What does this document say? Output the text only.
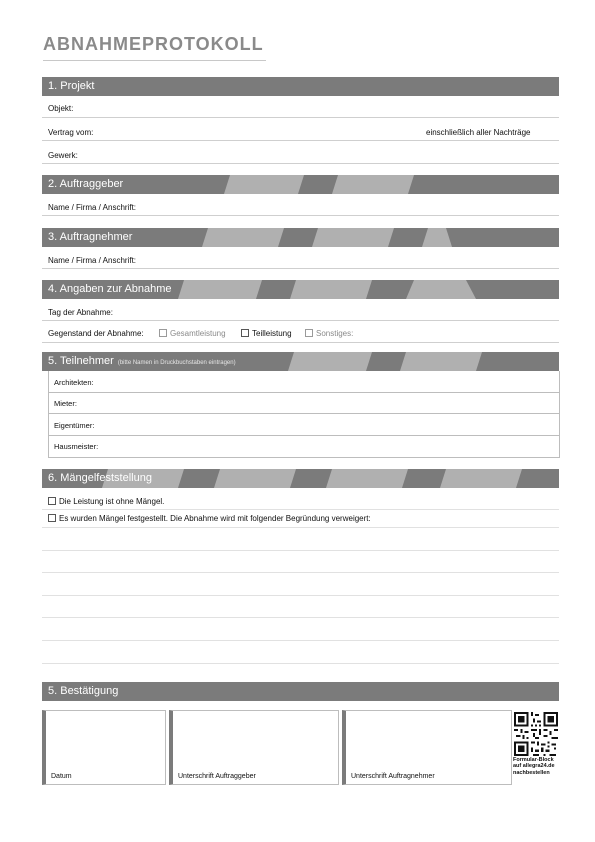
ABNAHMEPROTOKOLL
1. Projekt
Objekt:
Vertrag vom:	einschließlich aller Nachträge
Gewerk:
2. Auftraggeber
Name / Firma / Anschrift:
3. Auftragnehmer
Name / Firma / Anschrift:
4. Angaben zur Abnahme
Tag der Abnahme:
Gegenstand der Abnahme:	Gesamtleistung	Teilleistung	Sonstiges:
5. Teilnehmer (bitte Namen in Druckbuchstaben eintragen)
Architekten:
Mieter:
Eigentümer:
Hausmeister:
6. Mängelfeststellung
Die Leistung ist ohne Mängel.
Es wurden Mängel festgestellt. Die Abnahme wird mit folgender Begründung verweigert:
5. Bestätigung
Datum	Unterschrift Auftraggeber	Unterschrift Auftragnehmer
Formular-Block
auf allegra24.de
nachbestellen
